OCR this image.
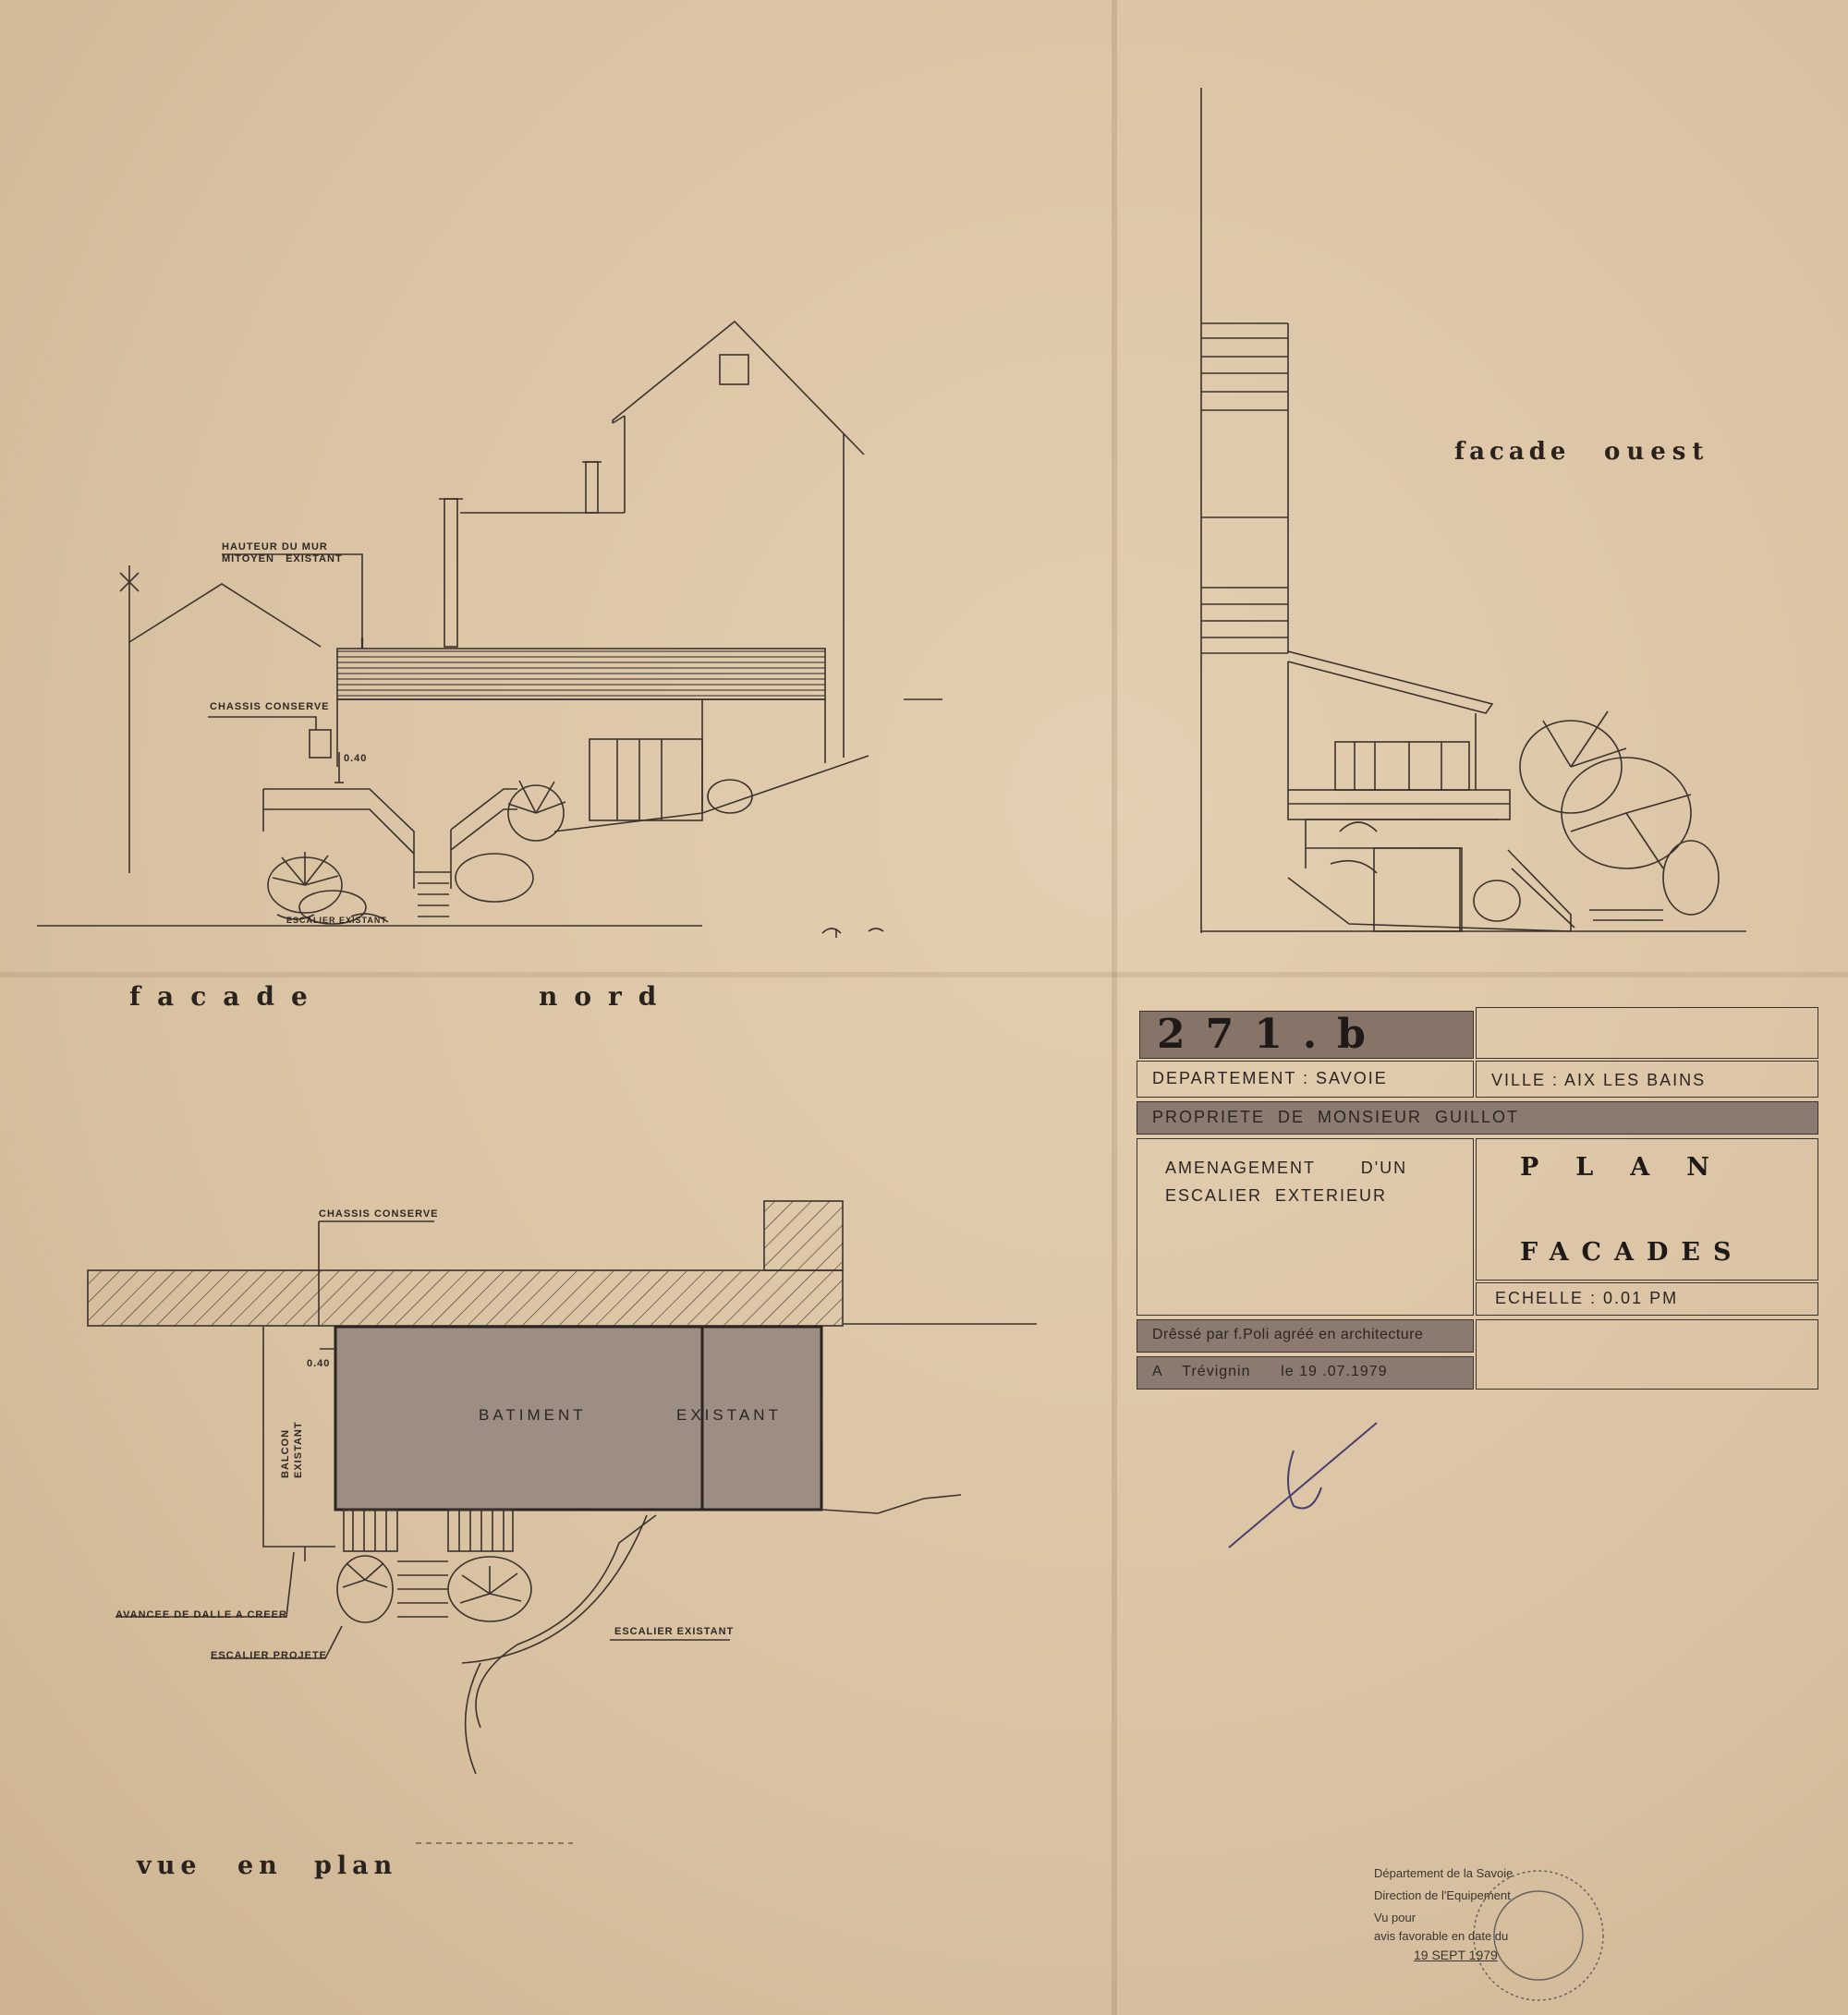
HAUTEUR DU MUR
MITOYEN   EXISTANT
CHASSIS CONSERVE
0.40
ESCALIER EXISTANT
facade	nord
facade ouest
CHASSIS CONSERVE
0.40
BALCON EXISTANT
BATIMENT	EXISTANT
AVANCEE DE DALLE A CREER
ESCALIER PROJETE
ESCALIER EXISTANT
vue en plan
271.b
DEPARTEMENT : SAVOIE	VILLE : AIX LES BAINS
PROPRIETE  DE  MONSIEUR  GUILLOT
AMENAGEMENT       D'UN
ESCALIER  EXTERIEUR
PLAN
FACADES
ECHELLE : 0.01 PM
Drêssé par f.Poli agréé en architecture
A    Trévignin      le 19 .07.1979
Département de la Savoie
Direction de l'Equipement
Vu pour
avis favorable en date du
19 SEPT 1979
